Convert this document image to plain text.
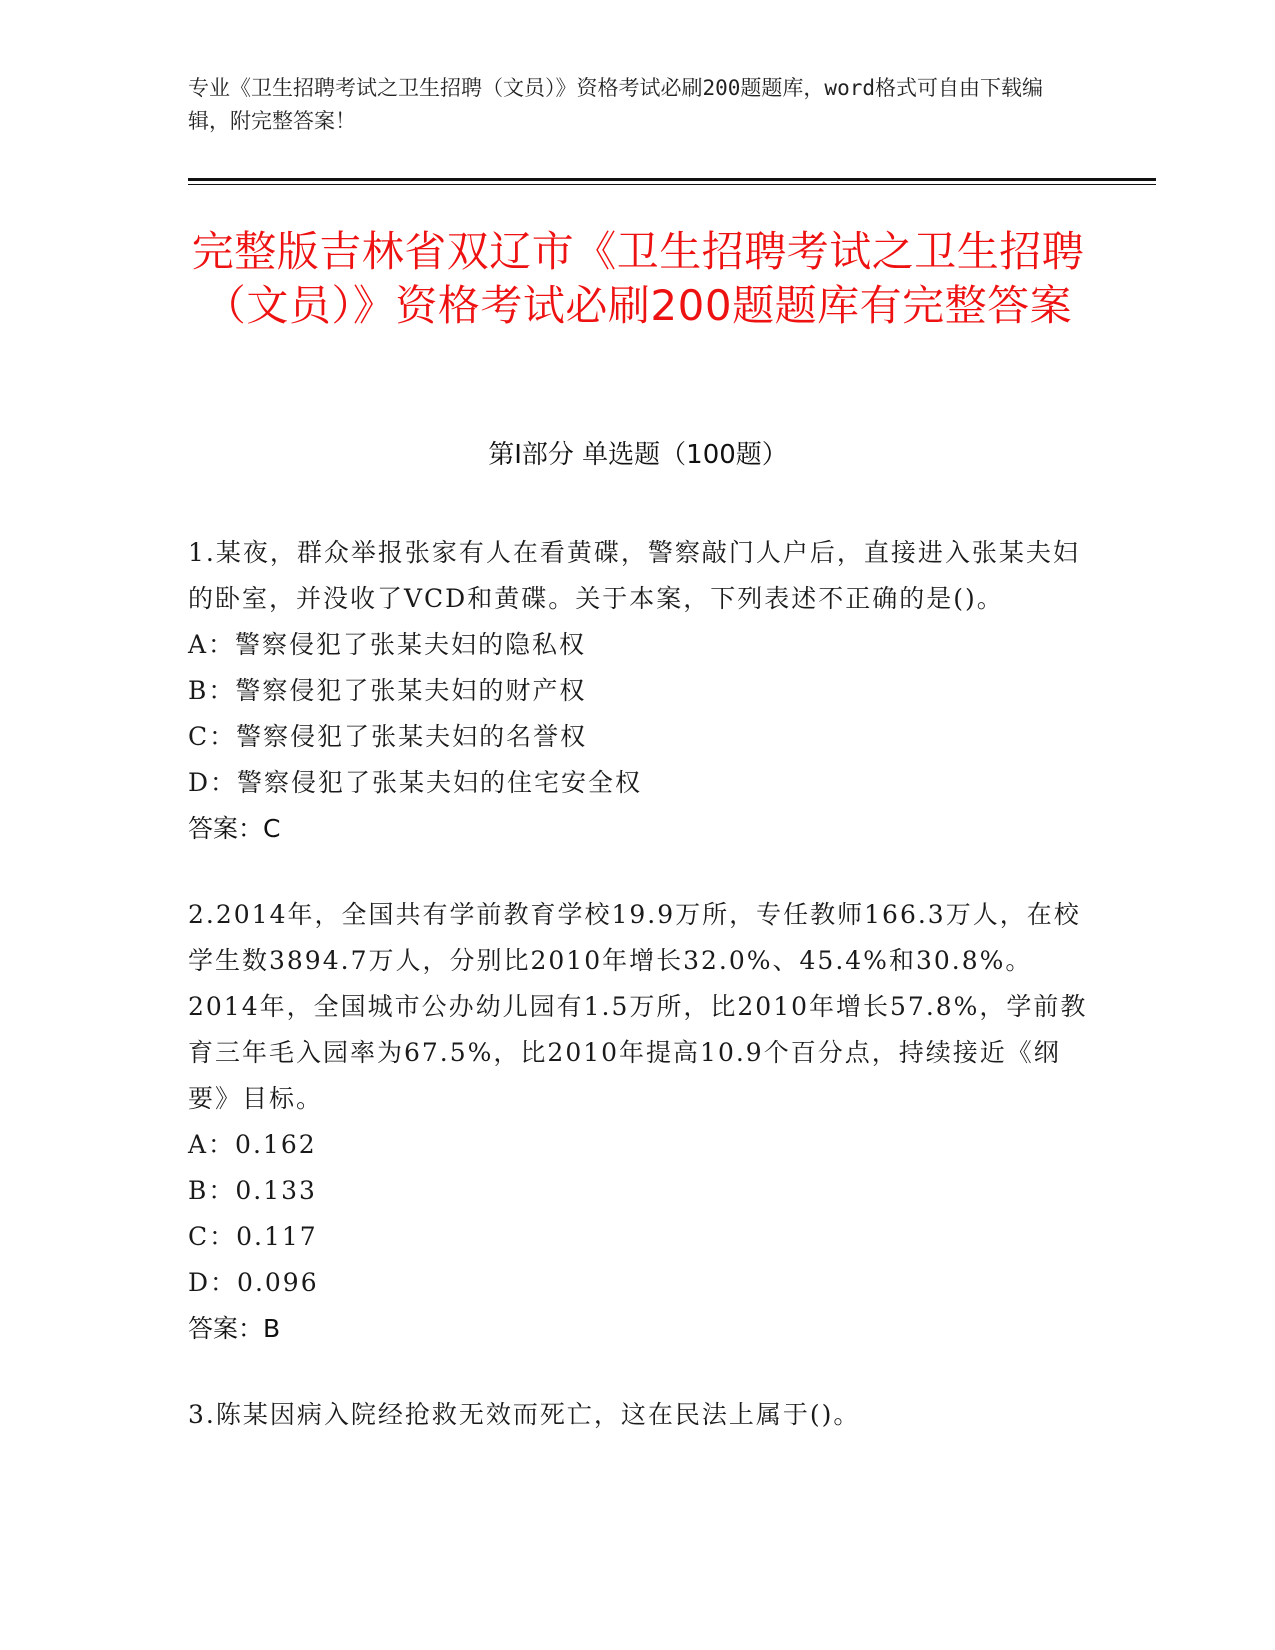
专业《卫生招聘考试之卫生招聘（文员）》资格考试必刷200题题库，word格式可自由下载编辑，附完整答案！
完整版吉林省双辽市《卫生招聘考试之卫生招聘（文员）》资格考试必刷200题题库有完整答案
第Ⅰ部分 单选题（100题）
1.某夜，群众举报张家有人在看黄碟，警察敲门人户后，直接进入张某夫妇的卧室，并没收了VCD和黄碟。关于本案，下列表述不正确的是()。
A：警察侵犯了张某夫妇的隐私权
B：警察侵犯了张某夫妇的财产权
C：警察侵犯了张某夫妇的名誉权
D：警察侵犯了张某夫妇的住宅安全权
答案：C
2.2014年，全国共有学前教育学校19.9万所，专任教师166.3万人，在校学生数3894.7万人，分别比2010年增长32.0%、45.4%和30.8%。2014年，全国城市公办幼儿园有1.5万所，比2010年增长57.8%，学前教育三年毛入园率为67.5%，比2010年提高10.9个百分点，持续接近《纲要》目标。
A：0.162
B：0.133
C：0.117
D：0.096
答案：B
3.陈某因病入院经抢救无效而死亡，这在民法上属于()。
